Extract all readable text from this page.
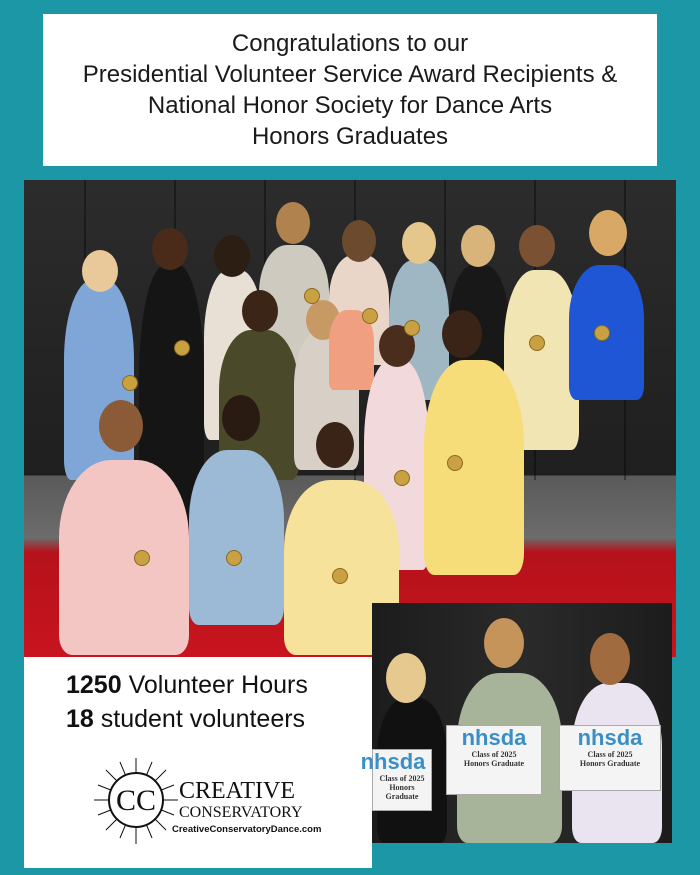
Congratulations to our
Presidential Volunteer Service Award Recipients &
National Honor Society for Dance Arts
Honors Graduates
1250 Volunteer Hours
18 student volunteers
CC CREATIVE
CONSERVATORY
CreativeConservatoryDance.com
nhsda
Class of 2025
Honors Graduate
nhsda
Class of 2025
Honors Graduate
nhsda
Class of 2025
Honors Graduate
